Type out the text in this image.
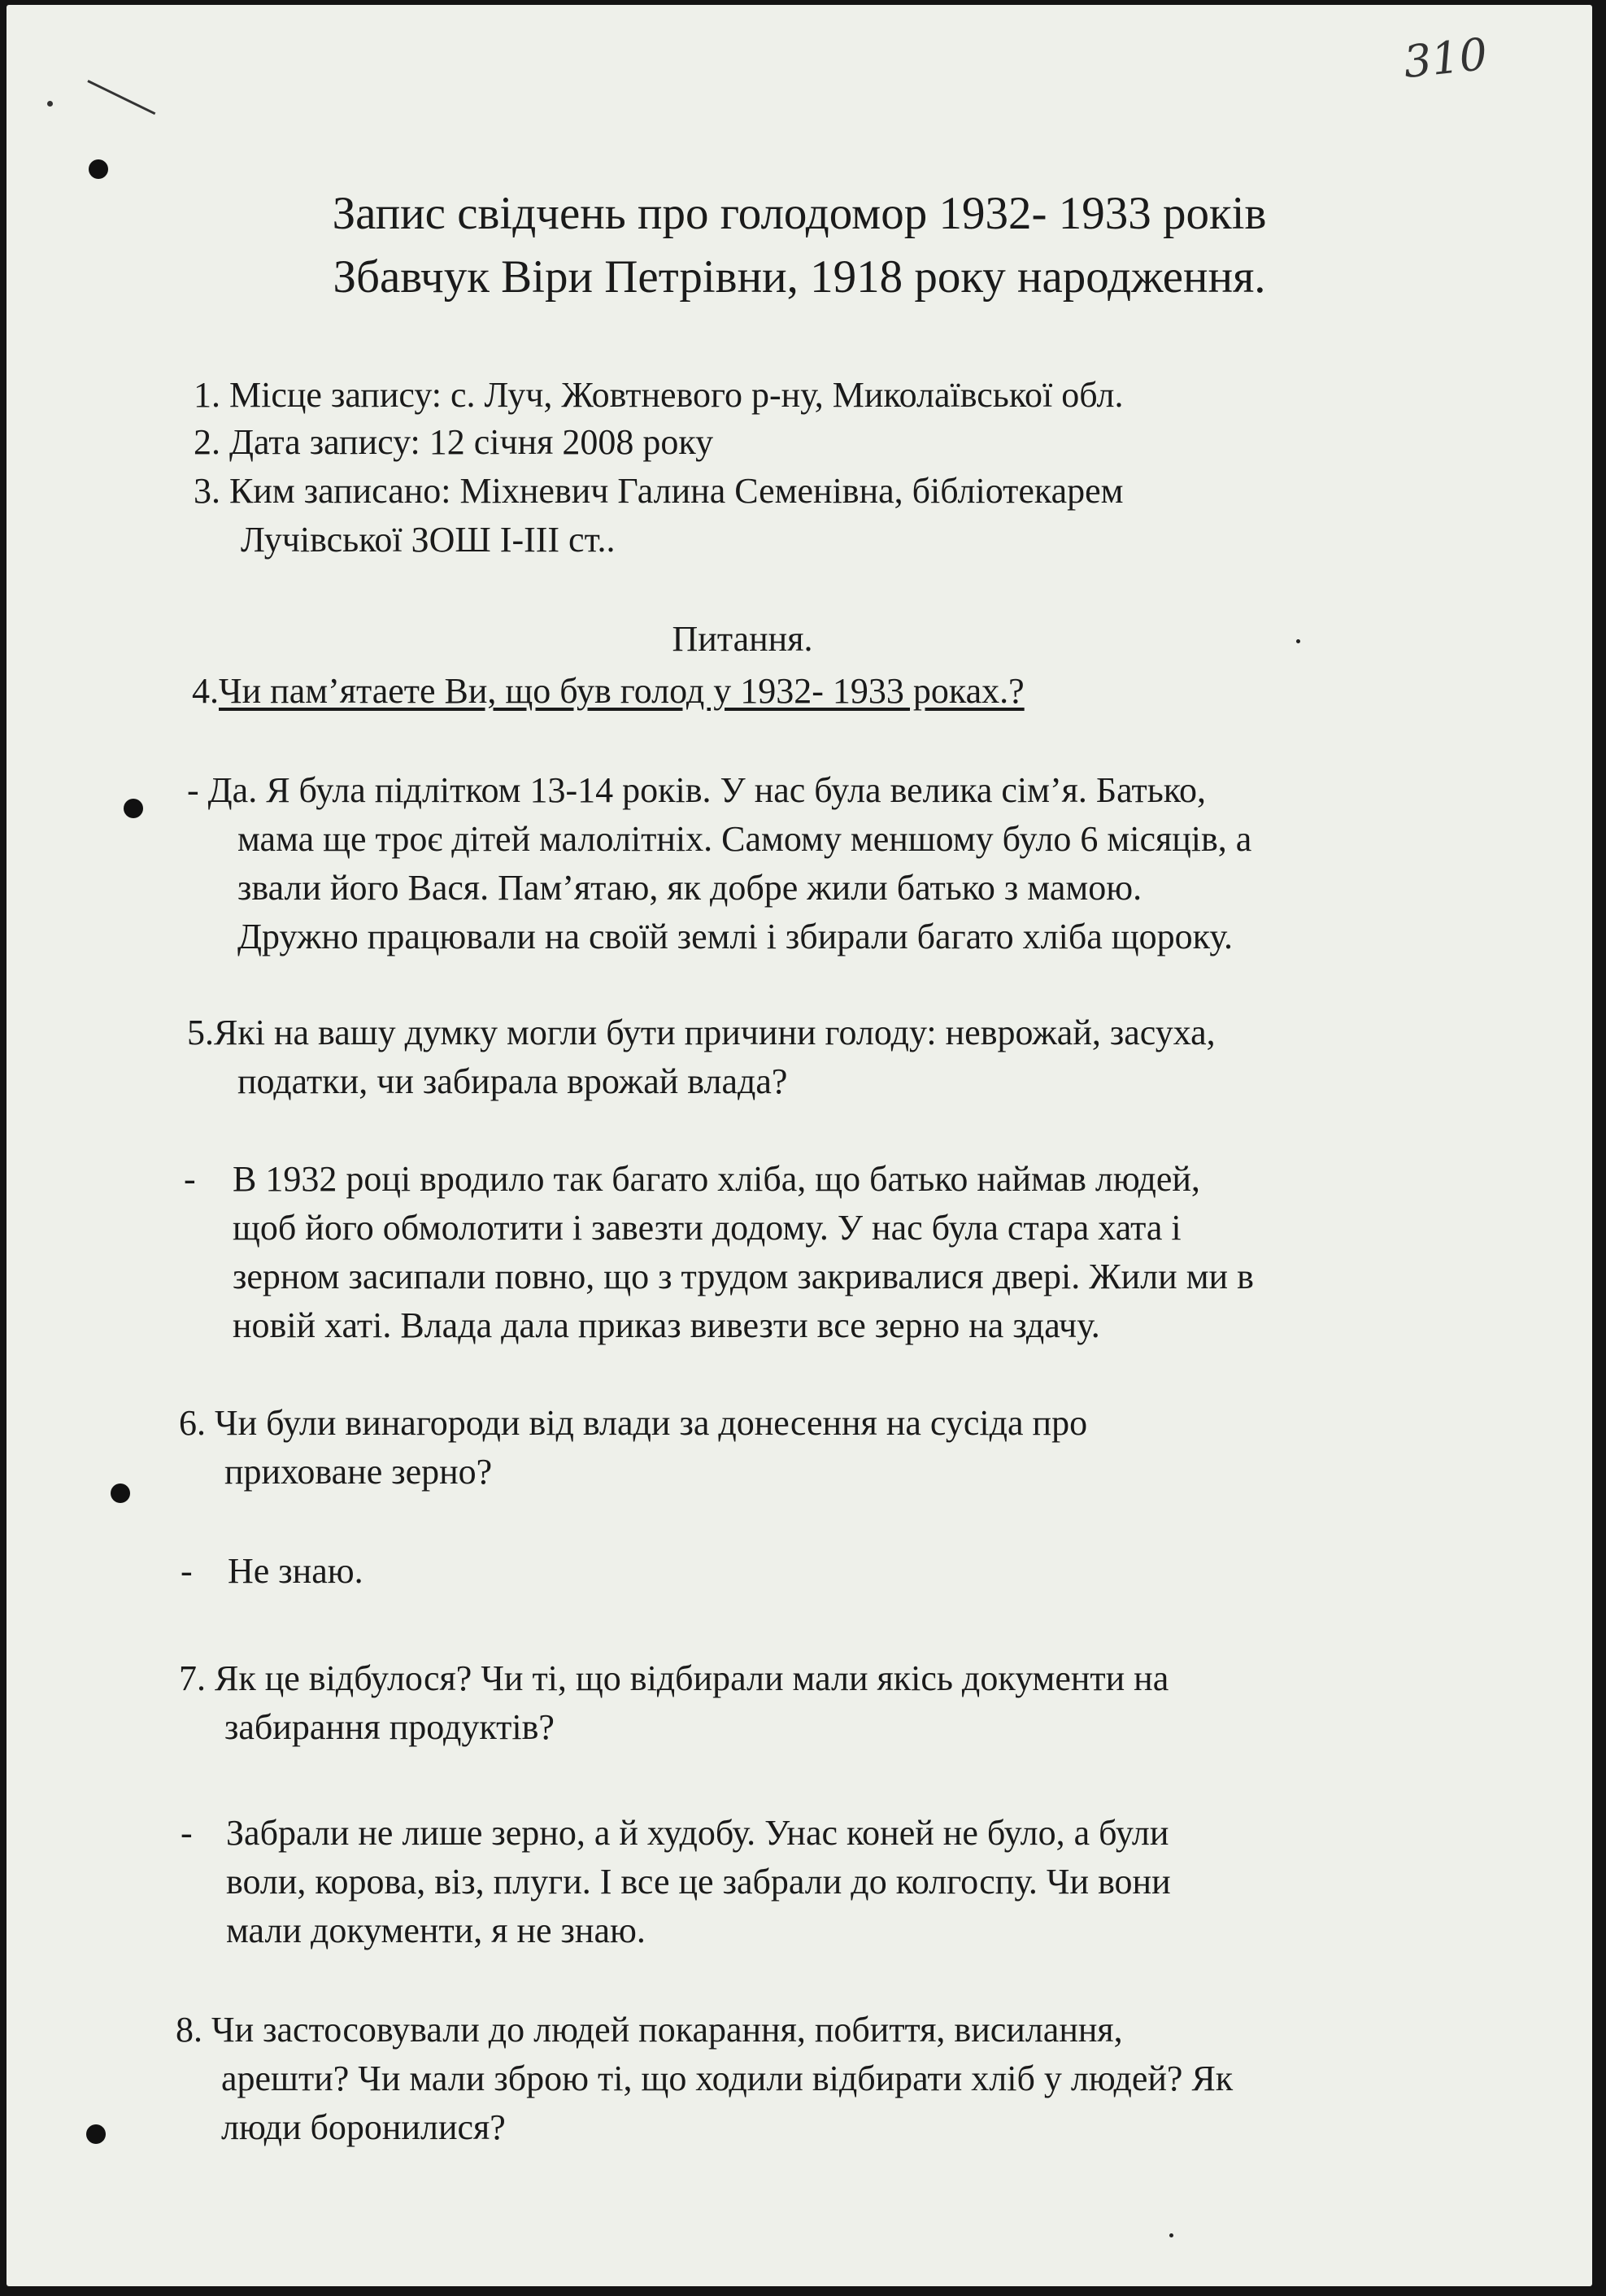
310
Запис свідчень про голодомор 1932- 1933 років
Збавчук Віри Петрівни, 1918 року народження.
1. Місце запису: с. Луч, Жовтневого р-ну, Миколаївської обл.
2. Дата запису: 12 січня 2008 року
3. Ким записано: Міхневич Галина Семенівна, бібліотекарем
Лучівської ЗОШ І-ІІІ ст..
Питання.
4.Чи пам’ятаете Ви, що був голод у 1932- 1933 роках.?
- Да. Я була підлітком 13-14 років. У нас була велика сім’я. Батько,
мама ще троє дітей малолітніх. Самому меншому було 6 місяців, а
звали його Вася. Пам’ятаю, як добре жили батько з мамою.
Дружно працювали на своїй землі і збирали багато хліба щороку.
5.Які на вашу думку могли бути причини голоду: неврожай, засуха,
податки, чи забирала врожай влада?
- В 1932 році вродило так багато хліба, що батько наймав людей,
щоб його обмолотити і завезти додому. У нас була стара хата і
зерном засипали повно, що з трудом закривалися двері. Жили ми в
новій хаті. Влада дала приказ вивезти все зерно на здачу.
6. Чи були винагороди від влади за донесення на сусіда про
приховане зерно?
- Не знаю.
7. Як це відбулося? Чи ті, що відбирали мали якісь документи на
забирання продуктів?
- Забрали не лише зерно, а й худобу. Унас коней не було, а були
воли, корова, віз, плуги. І все це забрали до колгоспу. Чи вони
мали документи, я не знаю.
8. Чи застосовували до людей покарання, побиття, висилання,
арешти? Чи мали зброю ті, що ходили відбирати хліб у людей? Як
люди боронилися?
